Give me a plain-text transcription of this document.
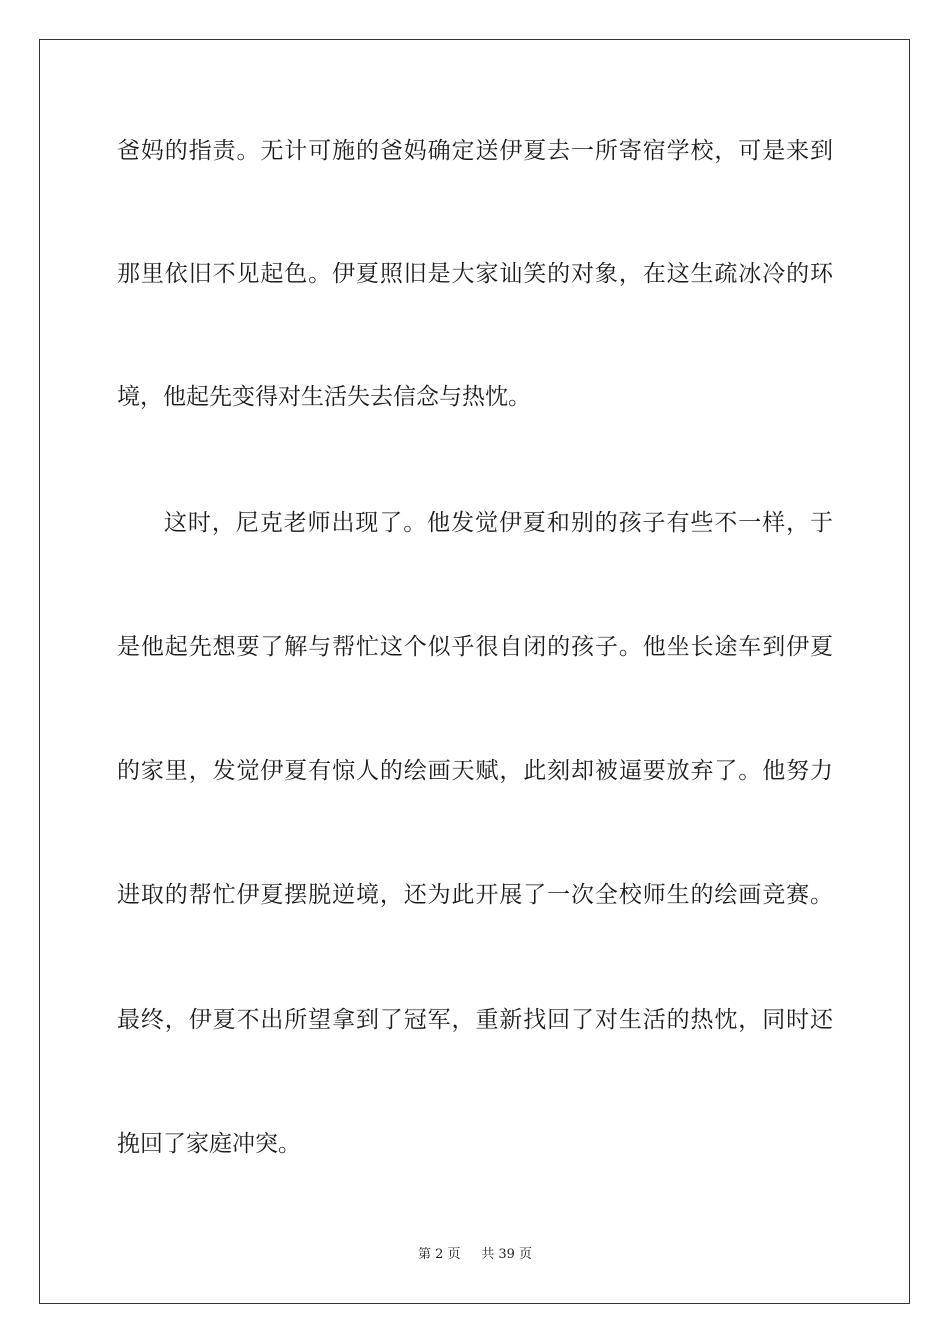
爸妈的指责。无计可施的爸妈确定送伊夏去一所寄宿学校，可是来到
那里依旧不见起色。伊夏照旧是大家讪笑的对象，在这生疏冰冷的环
境，他起先变得对生活失去信念与热忱。
这时，尼克老师出现了。他发觉伊夏和别的孩子有些不一样，于
是他起先想要了解与帮忙这个似乎很自闭的孩子。他坐长途车到伊夏
的家里，发觉伊夏有惊人的绘画天赋，此刻却被逼要放弃了。他努力
进取的帮忙伊夏摆脱逆境，还为此开展了一次全校师生的绘画竞赛。
最终，伊夏不出所望拿到了冠军，重新找回了对生活的热忱，同时还
挽回了家庭冲突。
第 2 页 共 39 页
